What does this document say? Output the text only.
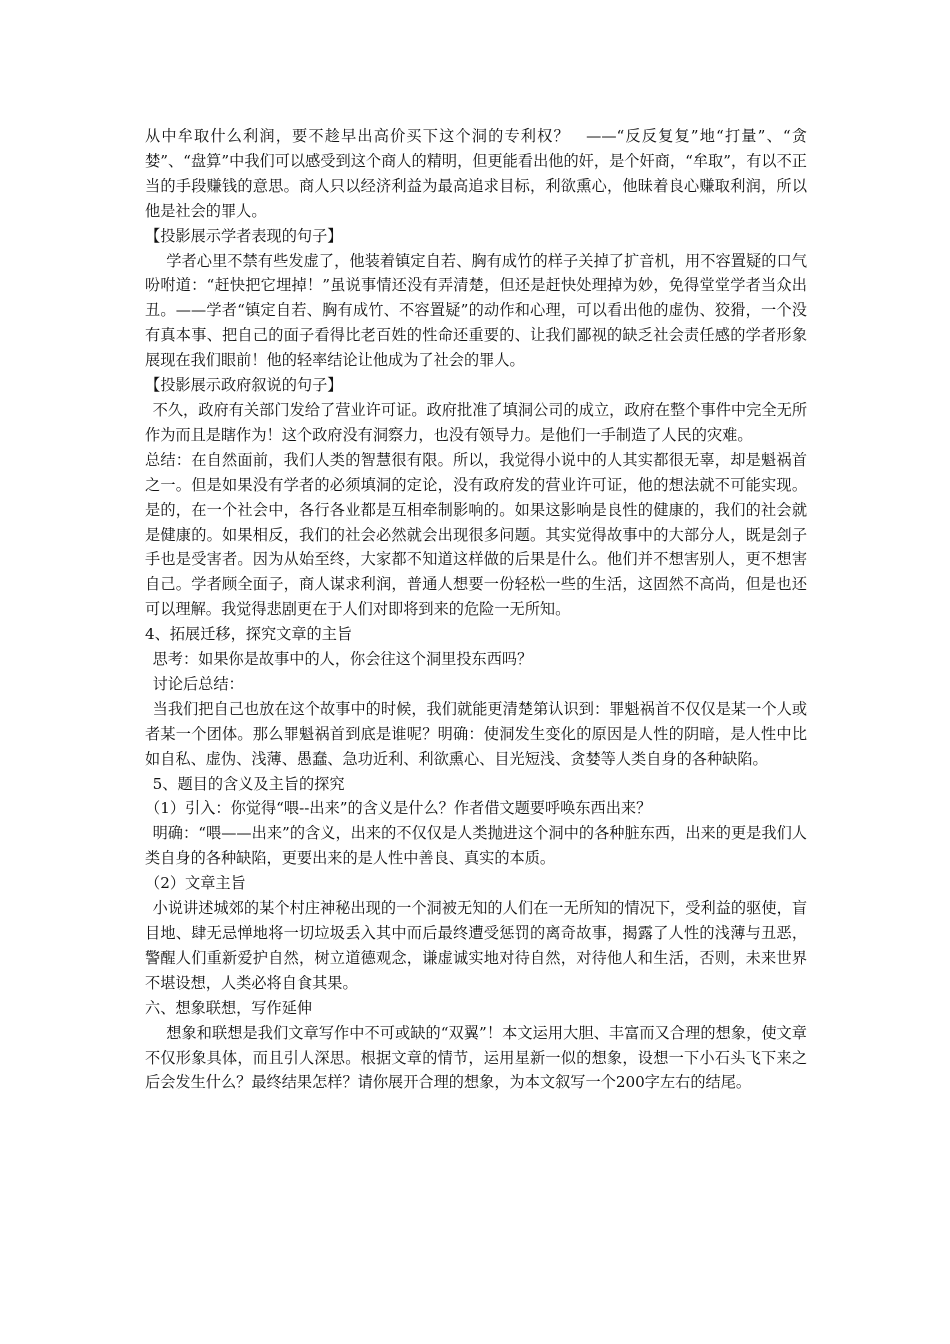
从中牟取什么利润，要不趁早出高价买下这个洞的专利权？　——“反反复复”地“打量”、“贪婪”、“盘算”中我们可以感受到这个商人的精明，但更能看出他的奸，是个奸商，“牟取”，有以不正当的手段赚钱的意思。商人只以经济利益为最高追求目标，利欲熏心，他昧着良心赚取利润，所以他是社会的罪人。

【投影展示学者表现的句子】

学者心里不禁有些发虚了，他装着镇定自若、胸有成竹的样子关掉了扩音机，用不容置疑的口气吩咐道：“赶快把它埋掉！”虽说事情还没有弄清楚，但还是赶快处理掉为妙，免得堂堂学者当众出丑。——学者“镇定自若、胸有成竹、不容置疑”的动作和心理，可以看出他的虚伪、狡猾，一个没有真本事、把自己的面子看得比老百姓的性命还重要的、让我们鄙视的缺乏社会责任感的学者形象展现在我们眼前！他的轻率结论让他成为了社会的罪人。

【投影展示政府叙说的句子】

不久，政府有关部门发给了营业许可证。政府批准了填洞公司的成立，政府在整个事件中完全无所作为而且是瞎作为！这个政府没有洞察力，也没有领导力。是他们一手制造了人民的灾难。

总结：在自然面前，我们人类的智慧很有限。所以，我觉得小说中的人其实都很无辜，却是魁祸首之一。但是如果没有学者的必须填洞的定论，没有政府发的营业许可证，他的想法就不可能实现。是的，在一个社会中，各行各业都是互相牵制影响的。如果这影响是良性的健康的，我们的社会就是健康的。如果相反，我们的社会必然就会出现很多问题。其实觉得故事中的大部分人，既是刽子手也是受害者。因为从始至终，大家都不知道这样做的后果是什么。他们并不想害别人，更不想害自己。学者顾全面子，商人谋求利润，普通人想要一份轻松一些的生活，这固然不高尚，但是也还可以理解。我觉得悲剧更在于人们对即将到来的危险一无所知。

4、拓展迁移，探究文章的主旨

思考：如果你是故事中的人，你会往这个洞里投东西吗？

讨论后总结：

当我们把自己也放在这个故事中的时候，我们就能更清楚第认识到：罪魁祸首不仅仅是某一个人或者某一个团体。那么罪魁祸首到底是谁呢？明确：使洞发生变化的原因是人性的阴暗，是人性中比如自私、虚伪、浅薄、愚蠢、急功近利、利欲熏心、目光短浅、贪婪等人类自身的各种缺陷。

5、题目的含义及主旨的探究

（1）引入：你觉得“喂--出来”的含义是什么？作者借文题要呼唤东西出来？

明确：“喂——出来”的含义，出来的不仅仅是人类抛进这个洞中的各种脏东西，出来的更是我们人类自身的各种缺陷，更要出来的是人性中善良、真实的本质。

（2）文章主旨

小说讲述城郊的某个村庄神秘出现的一个洞被无知的人们在一无所知的情况下，受利益的驱使，盲目地、肆无忌惮地将一切垃圾丢入其中而后最终遭受惩罚的离奇故事，揭露了人性的浅薄与丑恶，警醒人们重新爱护自然，树立道德观念，谦虚诚实地对待自然，对待他人和生活，否则，未来世界不堪设想，人类必将自食其果。

六、想象联想，写作延伸

想象和联想是我们文章写作中不可或缺的“双翼”！本文运用大胆、丰富而又合理的想象，使文章不仅形象具体，而且引人深思。根据文章的情节，运用星新一似的想象，设想一下小石头飞下来之后会发生什么？最终结果怎样？请你展开合理的想象，为本文叙写一个200字左右的结尾。
